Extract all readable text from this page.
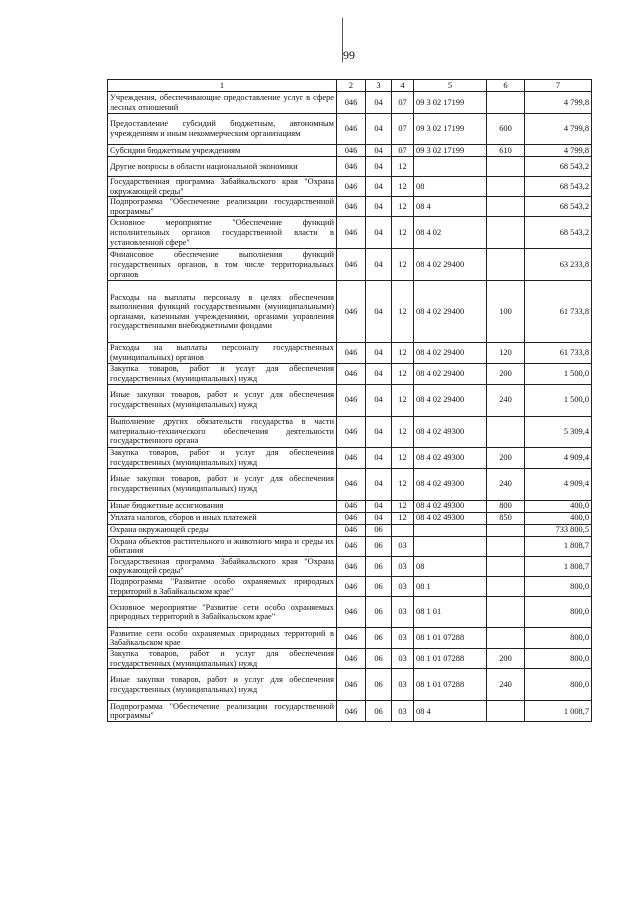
99
1	2	3	4	5	6	7
Учреждения, обеспечивающие предоставление услуг в сфере лесных отношений	046	04	07	09 3 02 17199		4 799,8
Предоставление субсидий бюджетным, автономным учреждениям и иным некоммерческим организациям	046	04	07	09 3 02 17199	600	4 799,8
Субсидии бюджетным учреждениям	046	04	07	09 3 02 17199	610	4 799,8
Другие вопросы в области национальной экономики	046	04	12			68 543,2
Государственная программа Забайкальского края "Охрана окружающей среды"	046	04	12	08		68 543,2
Подпрограмма "Обеспечение реализации государственной программы"	046	04	12	08 4		68 543,2
Основное мероприятие "Обеспечение функций исполнительных органов государственной власти в установленной сфере"	046	04	12	08 4 02		68 543,2
Финансовое обеспечение выполнения функций государственных органов, в том числе территориальных органов	046	04	12	08 4 02 29400		63 233,8
Расходы на выплаты персоналу в целях обеспечения выполнения функций государственными (муниципальными) органами, казенными учреждениями, органами управления государственными внебюджетными фондами	046	04	12	08 4 02 29400	100	61 733,8
Расходы на выплаты персоналу государственных (муниципальных) органов	046	04	12	08 4 02 29400	120	61 733,8
Закупка товаров, работ и услуг для обеспечения государственных (муниципальных) нужд	046	04	12	08 4 02 29400	200	1 500,0
Иные закупки товаров, работ и услуг для обеспечения государственных (муниципальных) нужд	046	04	12	08 4 02 29400	240	1 500,0
Выполнение других обязательств государства в части материально-технического обеспечения деятельности государственного органа	046	04	12	08 4 02 49300		5 309,4
Закупка товаров, работ и услуг для обеспечения государственных (муниципальных) нужд	046	04	12	08 4 02 49300	200	4 909,4
Иные закупки товаров, работ и услуг для обеспечения государственных (муниципальных) нужд	046	04	12	08 4 02 49300	240	4 909,4
Иные бюджетные ассигнования	046	04	12	08 4 02 49300	800	400,0
Уплата налогов, сборов и иных платежей	046	04	12	08 4 02 49300	850	400,0
Охрана окружающей среды	046	06				733 800,5
Охрана объектов растительного и животного мира и среды их обитания	046	06	03			1 808,7
Государственная программа Забайкальского края "Охрана окружающей среды"	046	06	03	08		1 808,7
Подпрограмма "Развитие особо охраняемых природных территорий в Забайкальском крае"	046	06	03	08 1		800,0
Основное мероприятие "Развитие сети особо охраняемых природных территорий в Забайкальском крае"	046	06	03	08 1 01		800,0
Развитие сети особо охраняемых природных территорий в Забайкальском крае	046	06	03	08 1 01 07288		800,0
Закупка товаров, работ и услуг для обеспечения государственных (муниципальных) нужд	046	06	03	08 1 01 07288	200	800,0
Иные закупки товаров, работ и услуг для обеспечения государственных (муниципальных) нужд	046	06	03	08 1 01 07288	240	800,0
Подпрограмма "Обеспечение реализации государственной программы"	046	06	03	08 4		1 008,7
